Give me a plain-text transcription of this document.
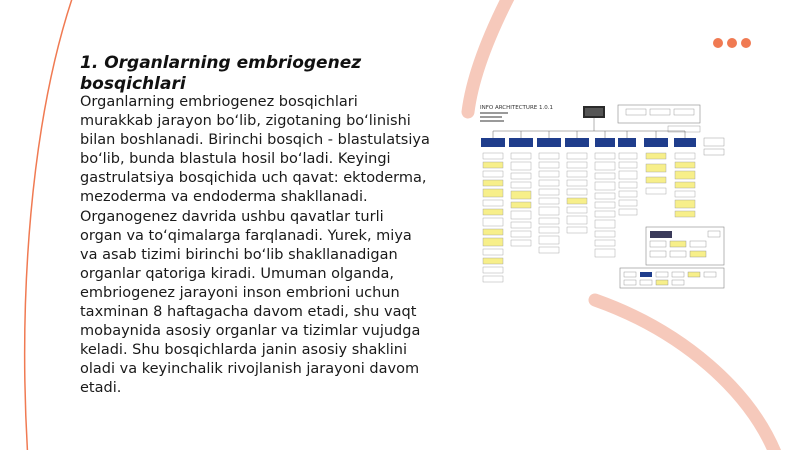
1. Organlarning embriogenez bosqichlari

Organlarning embriogenez bosqichlari murakkab jarayon bo‘lib, zigotaning bo‘linishi bilan boshlanadi. Birinchi bosqich - blastulatsiya bo‘lib, bunda blastula hosil bo‘ladi. Keyingi gastrulatsiya bosqichida uch qavat: ektoderma, mezoderma va endoderma shakllanadi. Organogenez davrida ushbu qavatlar turli organ va to‘qimalarga farqlanadi. Yurek, miya va asab tizimi birinchi bo‘lib shakllanadigan organlar qatoriga kiradi. Umuman olganda, embriogenez jarayoni inson embrioni uchun taxminan 8 haftagacha davom etadi, shu vaqt mobaynida asosiy organlar va tizimlar vujudga keladi. Shu bosqichlarda janin asosiy shaklini oladi va keyinchalik rivojlanish jarayoni davom etadi.

INFO ARCHITECTURE 1.0.1
